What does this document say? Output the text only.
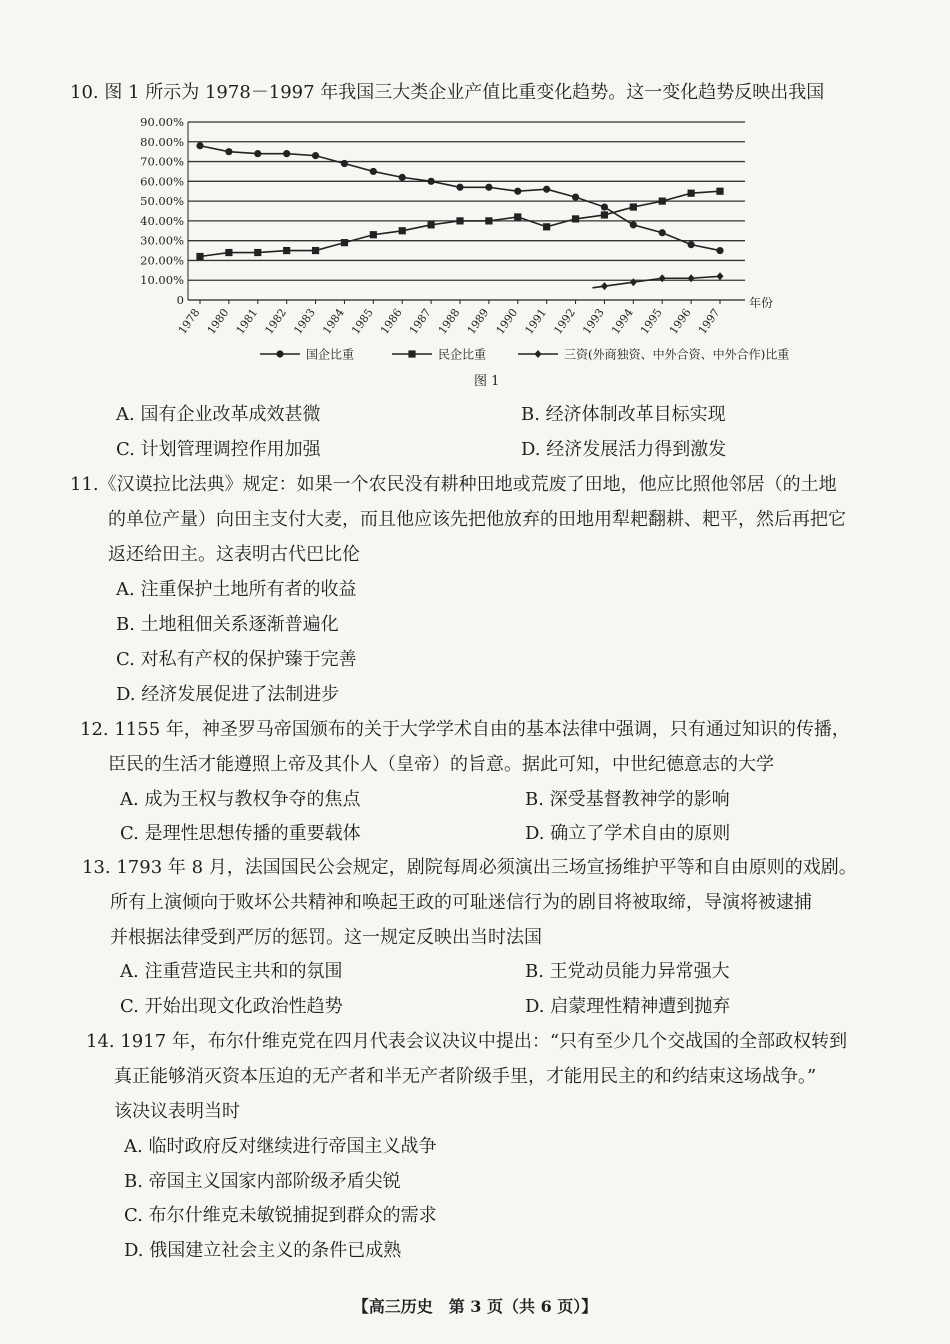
10. 图 1 所示为 1978－1997 年我国三大类企业产值比重变化趋势。这一变化趋势反映出我国
0
10.00%
20.00%
30.00%
40.00%
50.00%
60.00%
70.00%
80.00%
90.00%
1978 1980 1981 1982 1983 1984 1985 1986 1987 1988 1989 1990 1991 1992 1993 1994 1995 1996 1997
年份
国企比重	民企比重	三资(外商独资、中外合资、中外合作)比重
图 1
A. 国有企业改革成效甚微	B. 经济体制改革目标实现
C. 计划管理调控作用加强	D. 经济发展活力得到激发
11.《汉谟拉比法典》规定：如果一个农民没有耕种田地或荒废了田地，他应比照他邻居（的土地
的单位产量）向田主支付大麦，而且他应该先把他放弃的田地用犁耙翻耕、耙平，然后再把它
返还给田主。这表明古代巴比伦
A. 注重保护土地所有者的收益
B. 土地租佃关系逐渐普遍化
C. 对私有产权的保护臻于完善
D. 经济发展促进了法制进步
12. 1155 年，神圣罗马帝国颁布的关于大学学术自由的基本法律中强调，只有通过知识的传播，
臣民的生活才能遵照上帝及其仆人（皇帝）的旨意。据此可知，中世纪德意志的大学
A. 成为王权与教权争夺的焦点	B. 深受基督教神学的影响
C. 是理性思想传播的重要载体	D. 确立了学术自由的原则
13. 1793 年 8 月，法国国民公会规定，剧院每周必须演出三场宣扬维护平等和自由原则的戏剧。
所有上演倾向于败坏公共精神和唤起王政的可耻迷信行为的剧目将被取缔，导演将被逮捕
并根据法律受到严厉的惩罚。这一规定反映出当时法国
A. 注重营造民主共和的氛围	B. 王党动员能力异常强大
C. 开始出现文化政治性趋势	D. 启蒙理性精神遭到抛弃
14. 1917 年，布尔什维克党在四月代表会议决议中提出：“只有至少几个交战国的全部政权转到
真正能够消灭资本压迫的无产者和半无产者阶级手里，才能用民主的和约结束这场战争。”
该决议表明当时
A. 临时政府反对继续进行帝国主义战争
B. 帝国主义国家内部阶级矛盾尖锐
C. 布尔什维克未敏锐捕捉到群众的需求
D. 俄国建立社会主义的条件已成熟
【高三历史　第 3 页（共 6 页）】
